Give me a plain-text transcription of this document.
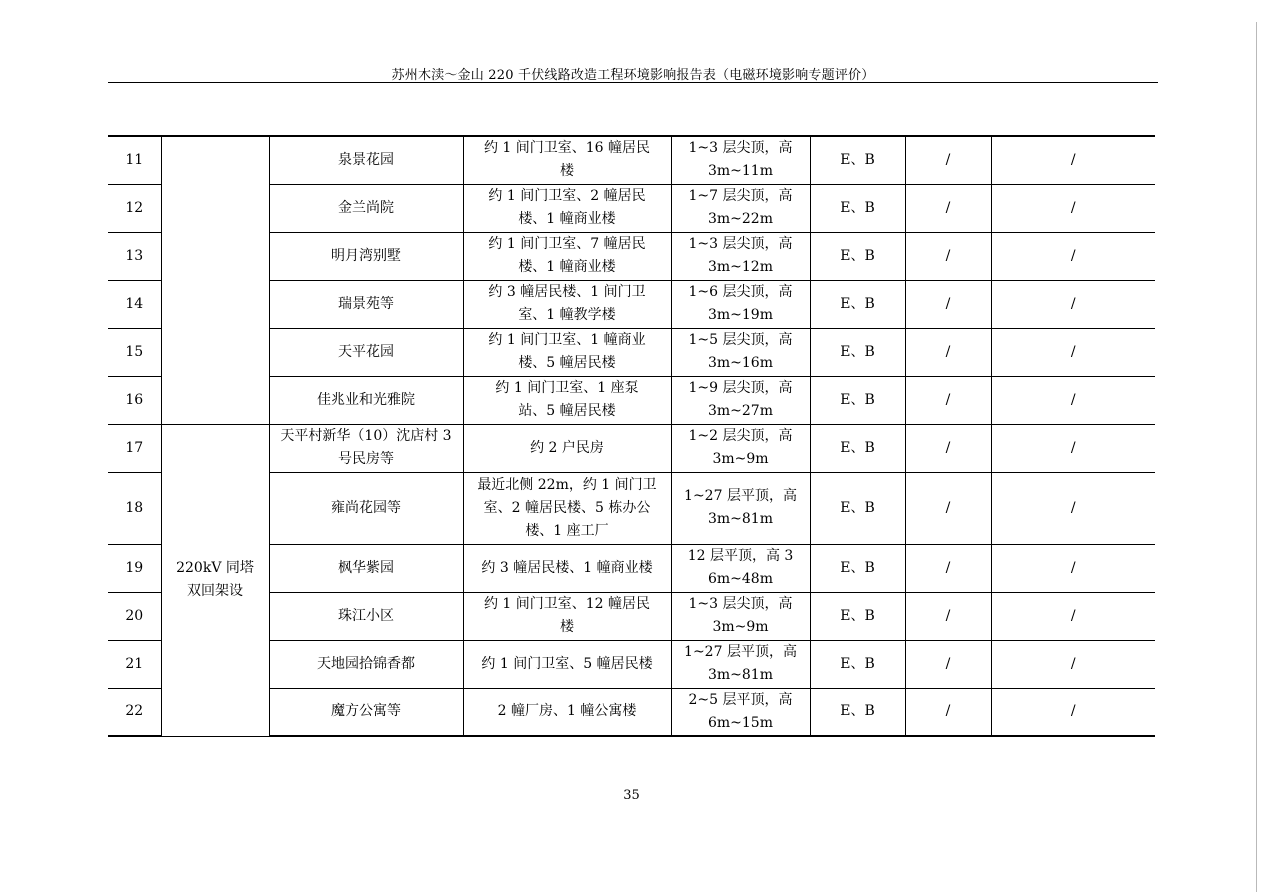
苏州木渎～金山 220 千伏线路改造工程环境影响报告表（电磁环境影响专题评价）
11		泉景花园	约 1 间门卫室、16 幢居民楼	1~3 层尖顶，高 3m~11m	E、B	/	/
12		金兰尚院	约 1 间门卫室、2 幢居民楼、1 幢商业楼	1~7 层尖顶，高 3m~22m	E、B	/	/
13		明月湾别墅	约 1 间门卫室、7 幢居民楼、1 幢商业楼	1~3 层尖顶，高 3m~12m	E、B	/	/
14		瑞景苑等	约 3 幢居民楼、1 间门卫室、1 幢教学楼	1~6 层尖顶，高 3m~19m	E、B	/	/
15		天平花园	约 1 间门卫室、1 幢商业楼、5 幢居民楼	1~5 层尖顶，高 3m~16m	E、B	/	/
16		佳兆业和光雅院	约 1 间门卫室、1 座泵站、5 幢居民楼	1~9 层尖顶，高 3m~27m	E、B	/	/
17	220kV 同塔双回架设	天平村新华（10）沈店村 3 号民房等	约 2 户民房	1~2 层尖顶，高 3m~9m	E、B	/	/
18		雍尚花园等	最近北侧 22m，约 1 间门卫室、2 幢居民楼、5 栋办公楼、1 座工厂	1~27 层平顶，高 3m~81m	E、B	/	/
19		枫华紫园	约 3 幢居民楼、1 幢商业楼	12 层平顶，高 36m~48m	E、B	/	/
20		珠江小区	约 1 间门卫室、12 幢居民楼	1~3 层尖顶，高 3m~9m	E、B	/	/
21		天地园拾锦香都	约 1 间门卫室、5 幢居民楼	1~27 层平顶，高 3m~81m	E、B	/	/
22		魔方公寓等	2 幢厂房、1 幢公寓楼	2~5 层平顶，高 6m~15m	E、B	/	/
35
